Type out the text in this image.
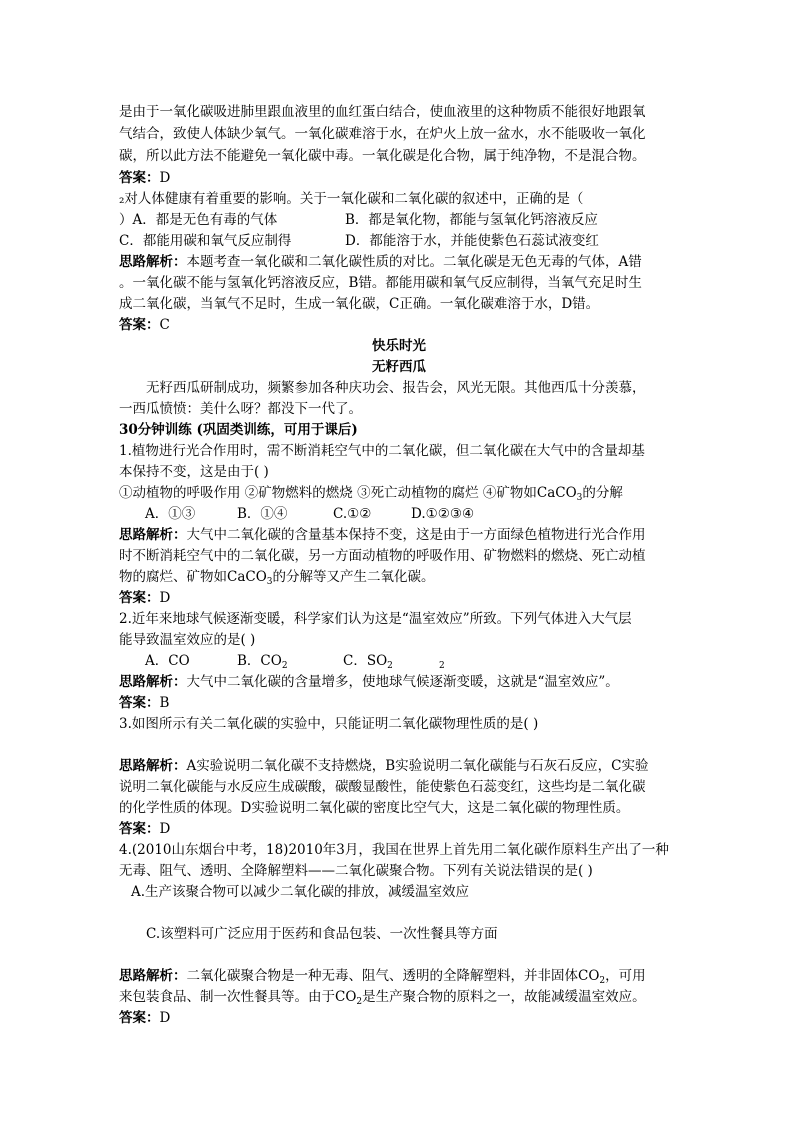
是由于一氧化碳吸进肺里跟血液里的血红蛋白结合，使血液里的这种物质不能很好地跟氧
气结合，致使人体缺少氧气。一氧化碳难溶于水，在炉火上放一盆水，水不能吸收一氧化
碳，所以此方法不能避免一氧化碳中毒。一氧化碳是化合物，属于纯净物，不是混合物。
答案：D
₂对人体健康有着重要的影响。关于一氧化碳和二氧化碳的叙述中，正确的是（
）A．都是无色有毒的气体	B．都是氧化物，都能与氢氧化钙溶液反应
C．都能用碳和氧气反应制得	D．都能溶于水，并能使紫色石蕊试液变红
思路解析：本题考查一氧化碳和二氧化碳性质的对比。二氧化碳是无色无毒的气体，A错
。一氧化碳不能与氢氧化钙溶液反应，B错。都能用碳和氧气反应制得，当氧气充足时生
成二氧化碳，当氧气不足时，生成一氧化碳，C正确。一氧化碳难溶于水，D错。
答案：C
快乐时光
无籽西瓜
无籽西瓜研制成功，频繁参加各种庆功会、报告会，风光无限。其他西瓜十分羡慕，
一西瓜愤愤：美什么呀？都没下一代了。
30分钟训练 (巩固类训练，可用于课后)
1.植物进行光合作用时，需不断消耗空气中的二氧化碳，但二氧化碳在大气中的含量却基
本保持不变，这是由于( )
①动植物的呼吸作用 ②矿物燃料的燃烧 ③死亡动植物的腐烂 ④矿物如CaCO$_3$的分解
A．①③	B．①④	C.①②	D.①②③④
思路解析：大气中二氧化碳的含量基本保持不变，这是由于一方面绿色植物进行光合作用
时不断消耗空气中的二氧化碳，另一方面动植物的呼吸作用、矿物燃料的燃烧、死亡动植
物的腐烂、矿物如CaCO$_3$的分解等又产生二氧化碳。
答案：D
2.近年来地球气候逐渐变暖，科学家们认为这是“温室效应”所致。下列气体进入大气层
能导致温室效应的是( )
A．CO	B．$CO_2$	C．$SO_2$	$_2$
思路解析：大气中二氧化碳的含量增多，使地球气候逐渐变暖，这就是“温室效应”。
答案：B
3.如图所示有关二氧化碳的实验中，只能证明二氧化碳物理性质的是( )
思路解析：A实验说明二氧化碳不支持燃烧，B实验说明二氧化碳能与石灰石反应，C实验
说明二氧化碳能与水反应生成碳酸，碳酸显酸性，能使紫色石蕊变红，这些均是二氧化碳
的化学性质的体现。D实验说明二氧化碳的密度比空气大，这是二氧化碳的物理性质。
答案：D
4.(2010山东烟台中考，18)2010年3月，我国在世界上首先用二氧化碳作原料生产出了一种
无毒、阻气、透明、全降解塑料——二氧化碳聚合物。下列有关说法错误的是( )
A.生产该聚合物可以减少二氧化碳的排放，减缓温室效应
C.该塑料可广泛应用于医药和食品包装、一次性餐具等方面
思路解析：二氧化碳聚合物是一种无毒、阻气、透明的全降解塑料，并非固体$CO_2$，可用
来包装食品、制一次性餐具等。由于$CO_2$是生产聚合物的原料之一，故能减缓温室效应。
答案：D
